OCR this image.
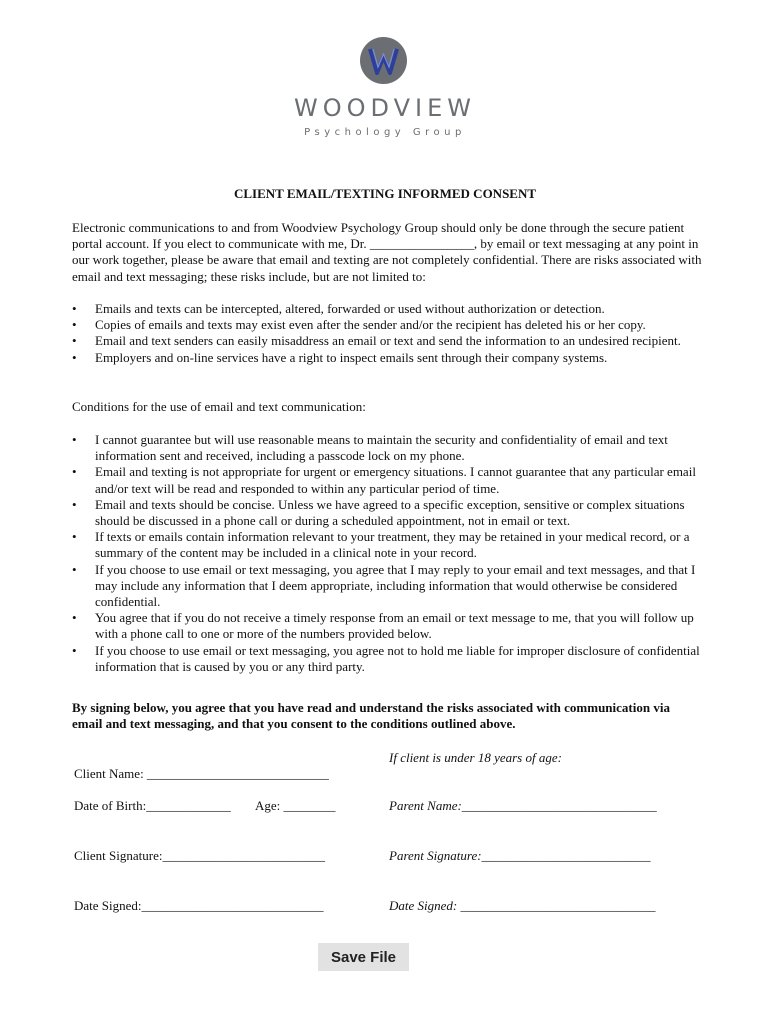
WOODVIEW
Psychology Group
CLIENT EMAIL/TEXTING INFORMED CONSENT

Electronic communications to and from Woodview Psychology Group should only be done through the secure patient portal account. If you elect to communicate with me, Dr. ________________, by email or text messaging at any point in our work together, please be aware that email and texting are not completely confidential. There are risks associated with email and text messaging; these risks include, but are not limited to:

• Emails and texts can be intercepted, altered, forwarded or used without authorization or detection.
• Copies of emails and texts may exist even after the sender and/or the recipient has deleted his or her copy.
• Email and text senders can easily misaddress an email or text and send the information to an undesired recipient.
• Employers and on-line services have a right to inspect emails sent through their company systems.

Conditions for the use of email and text communication:

• I cannot guarantee but will use reasonable means to maintain the security and confidentiality of email and text information sent and received, including a passcode lock on my phone.
• Email and texting is not appropriate for urgent or emergency situations. I cannot guarantee that any particular email and/or text will be read and responded to within any particular period of time.
• Email and texts should be concise. Unless we have agreed to a specific exception, sensitive or complex situations should be discussed in a phone call or during a scheduled appointment, not in email or text.
• If texts or emails contain information relevant to your treatment, they may be retained in your medical record, or a summary of the content may be included in a clinical note in your record.
• If you choose to use email or text messaging, you agree that I may reply to your email and text messages, and that I may include any information that I deem appropriate, including information that would otherwise be considered confidential.
• You agree that if you do not receive a timely response from an email or text message to me, that you will follow up with a phone call to one or more of the numbers provided below.
• If you choose to use email or text messaging, you agree not to hold me liable for improper disclosure of confidential information that is caused by you or any third party.

By signing below, you agree that you have read and understand the risks associated with communication via email and text messaging, and that you consent to the conditions outlined above.

If client is under 18 years of age:
Client Name: ____________________________
Date of Birth:_____________ Age: ________	Parent Name:______________________________
Client Signature:_________________________	Parent Signature:__________________________
Date Signed:____________________________	Date Signed: ______________________________
Save File
